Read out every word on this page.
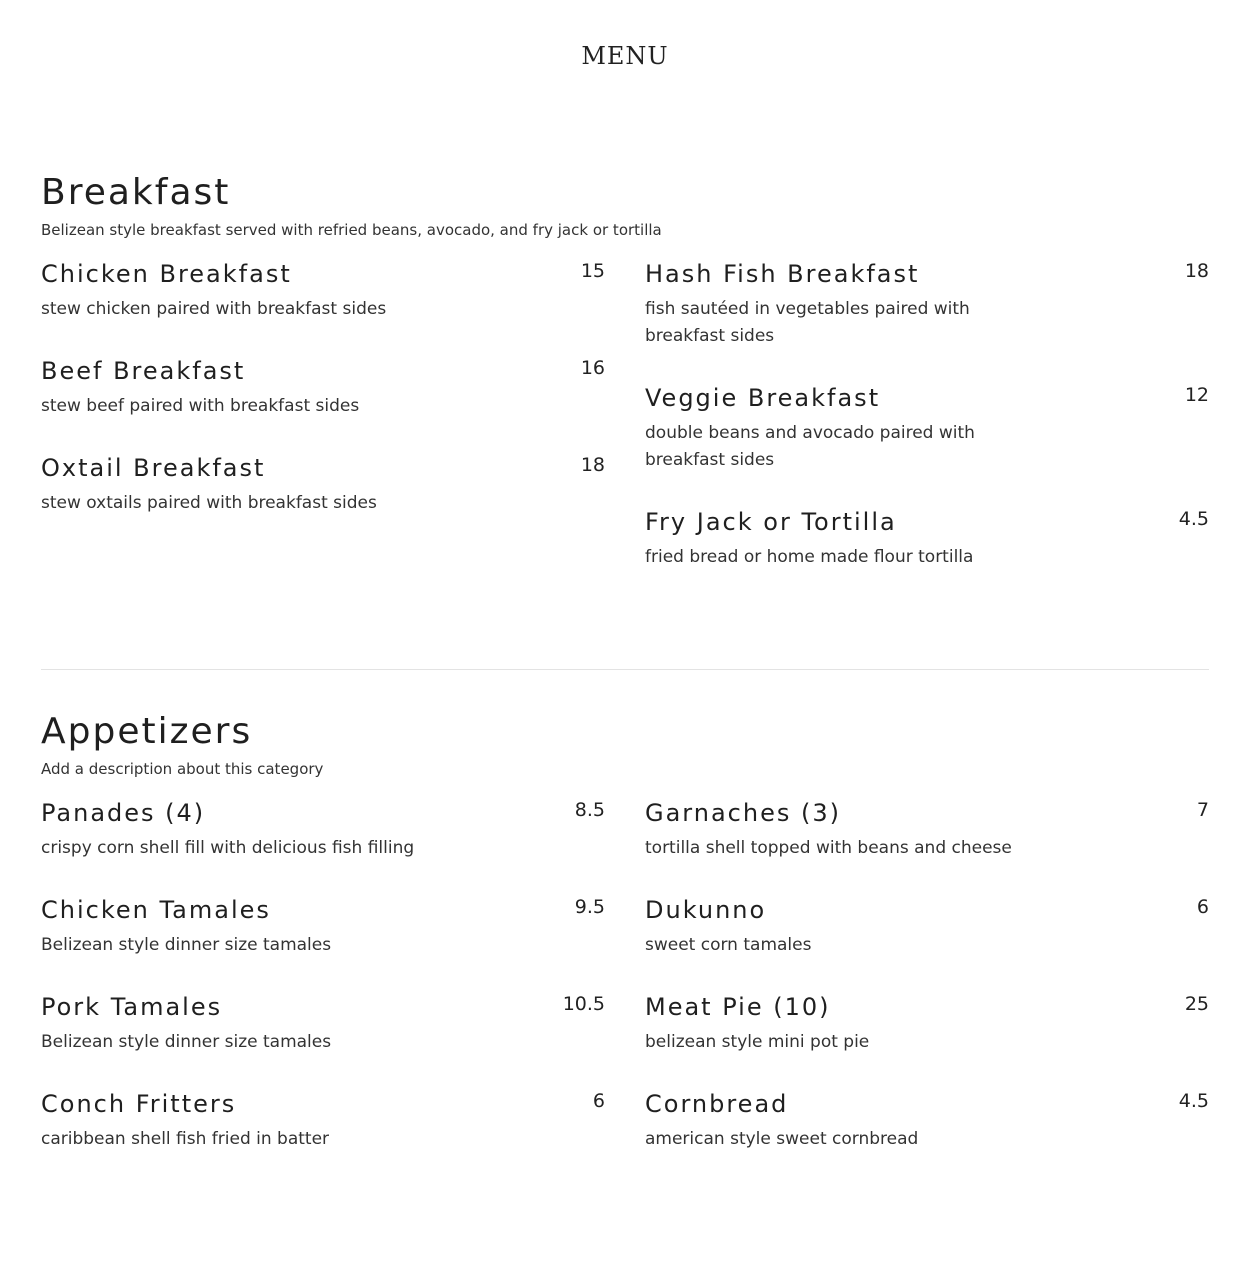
MENU
Breakfast
Belizean style breakfast served with refried beans, avocado, and fry jack or tortilla
Chicken Breakfast	15
stew chicken paired with breakfast sides
Beef Breakfast	16
stew beef paired with breakfast sides
Oxtail Breakfast	18
stew oxtails paired with breakfast sides
Hash Fish Breakfast	18
fish sautéed in vegetables paired with breakfast sides
Veggie Breakfast	12
double beans and avocado paired with breakfast sides
Fry Jack or Tortilla	4.5
fried bread or home made flour tortilla
Appetizers
Add a description about this category
Panades (4)	8.5
crispy corn shell fill with delicious fish filling
Chicken Tamales	9.5
Belizean style dinner size tamales
Pork Tamales	10.5
Belizean style dinner size tamales
Conch Fritters	6
caribbean shell fish fried in batter
Garnaches (3)	7
tortilla shell topped with beans and cheese
Dukunno	6
sweet corn tamales
Meat Pie (10)	25
belizean style mini pot pie
Cornbread	4.5
american style sweet cornbread
